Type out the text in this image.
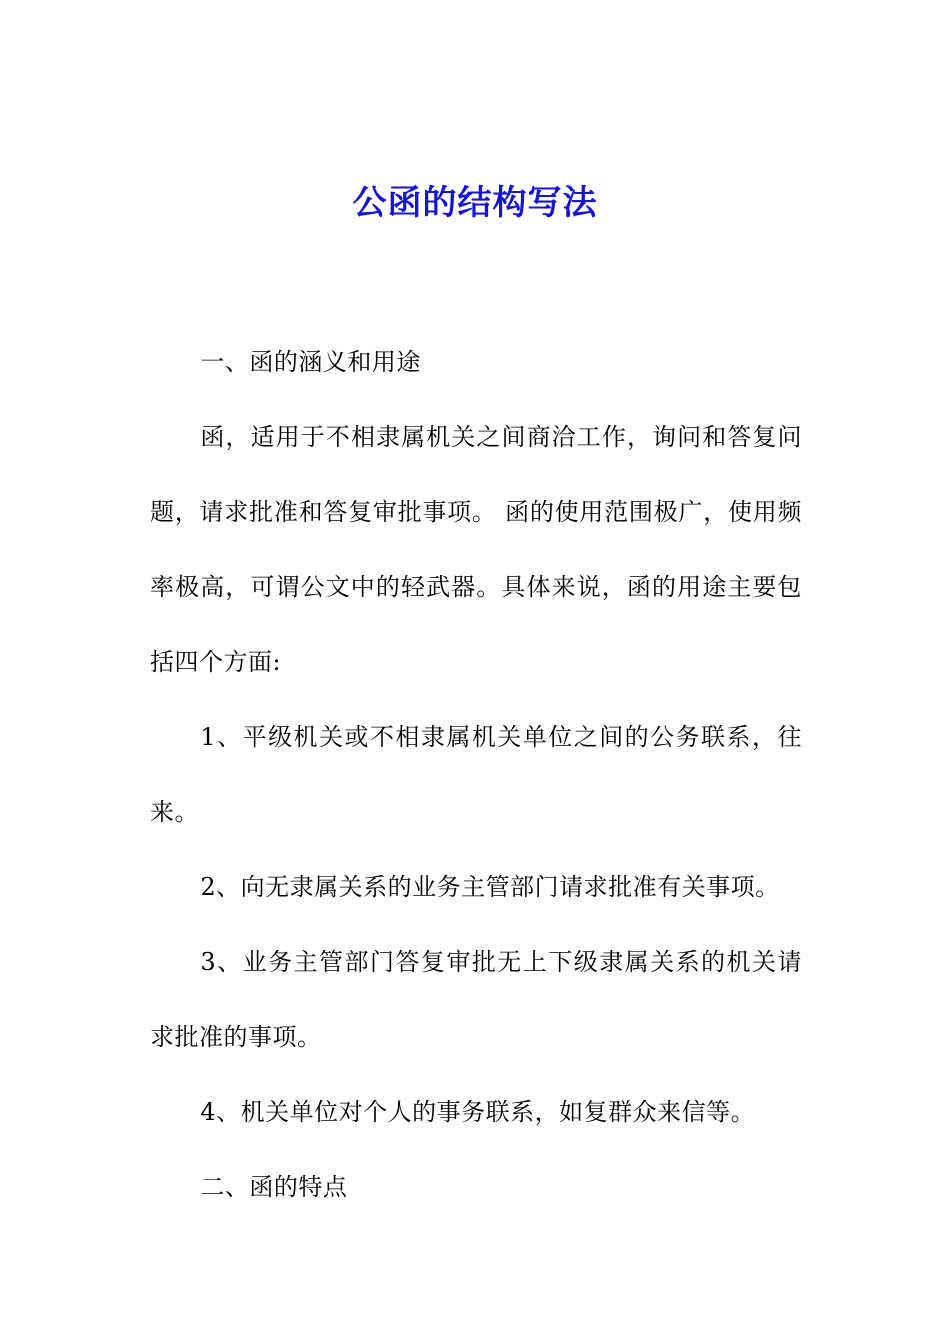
公函的结构写法

一、函的涵义和用途

函，适用于不相隶属机关之间商洽工作，询问和答复问题，请求批准和答复审批事项。 函的使用范围极广，使用频率极高，可谓公文中的轻武器。具体来说，函的用途主要包括四个方面:

1、平级机关或不相隶属机关单位之间的公务联系，往来。

2、向无隶属关系的业务主管部门请求批准有关事项。

3、业务主管部门答复审批无上下级隶属关系的机关请求批准的事项。

4、机关单位对个人的事务联系，如复群众来信等。

二、函的特点
